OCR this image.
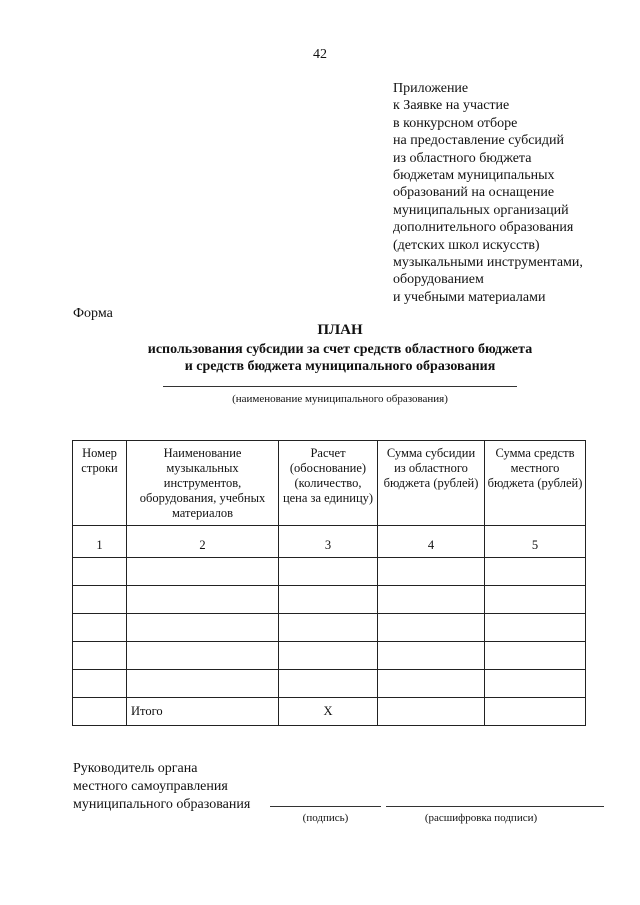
42
Приложение
к Заявке на участие
в конкурсном отборе
на предоставление субсидий
из областного бюджета
бюджетам муниципальных
образований на оснащение
муниципальных организаций
дополнительного образования
(детских школ искусств)
музыкальными инструментами,
оборудованием
и учебными материалами
Форма
ПЛАН
использования субсидии за счет средств областного бюджета
и средств бюджета муниципального образования
(наименование муниципального образования)
Номер строки	Наименование музыкальных инструментов, оборудования, учебных материалов	Расчет (обоснование) (количество, цена за единицу)	Сумма субсидии из областного бюджета (рублей)	Сумма средств местного бюджета (рублей)
1	2	3	4	5

	Итого	X		
Руководитель органа
местного самоуправления
муниципального образования
(подпись)	(расшифровка подписи)
